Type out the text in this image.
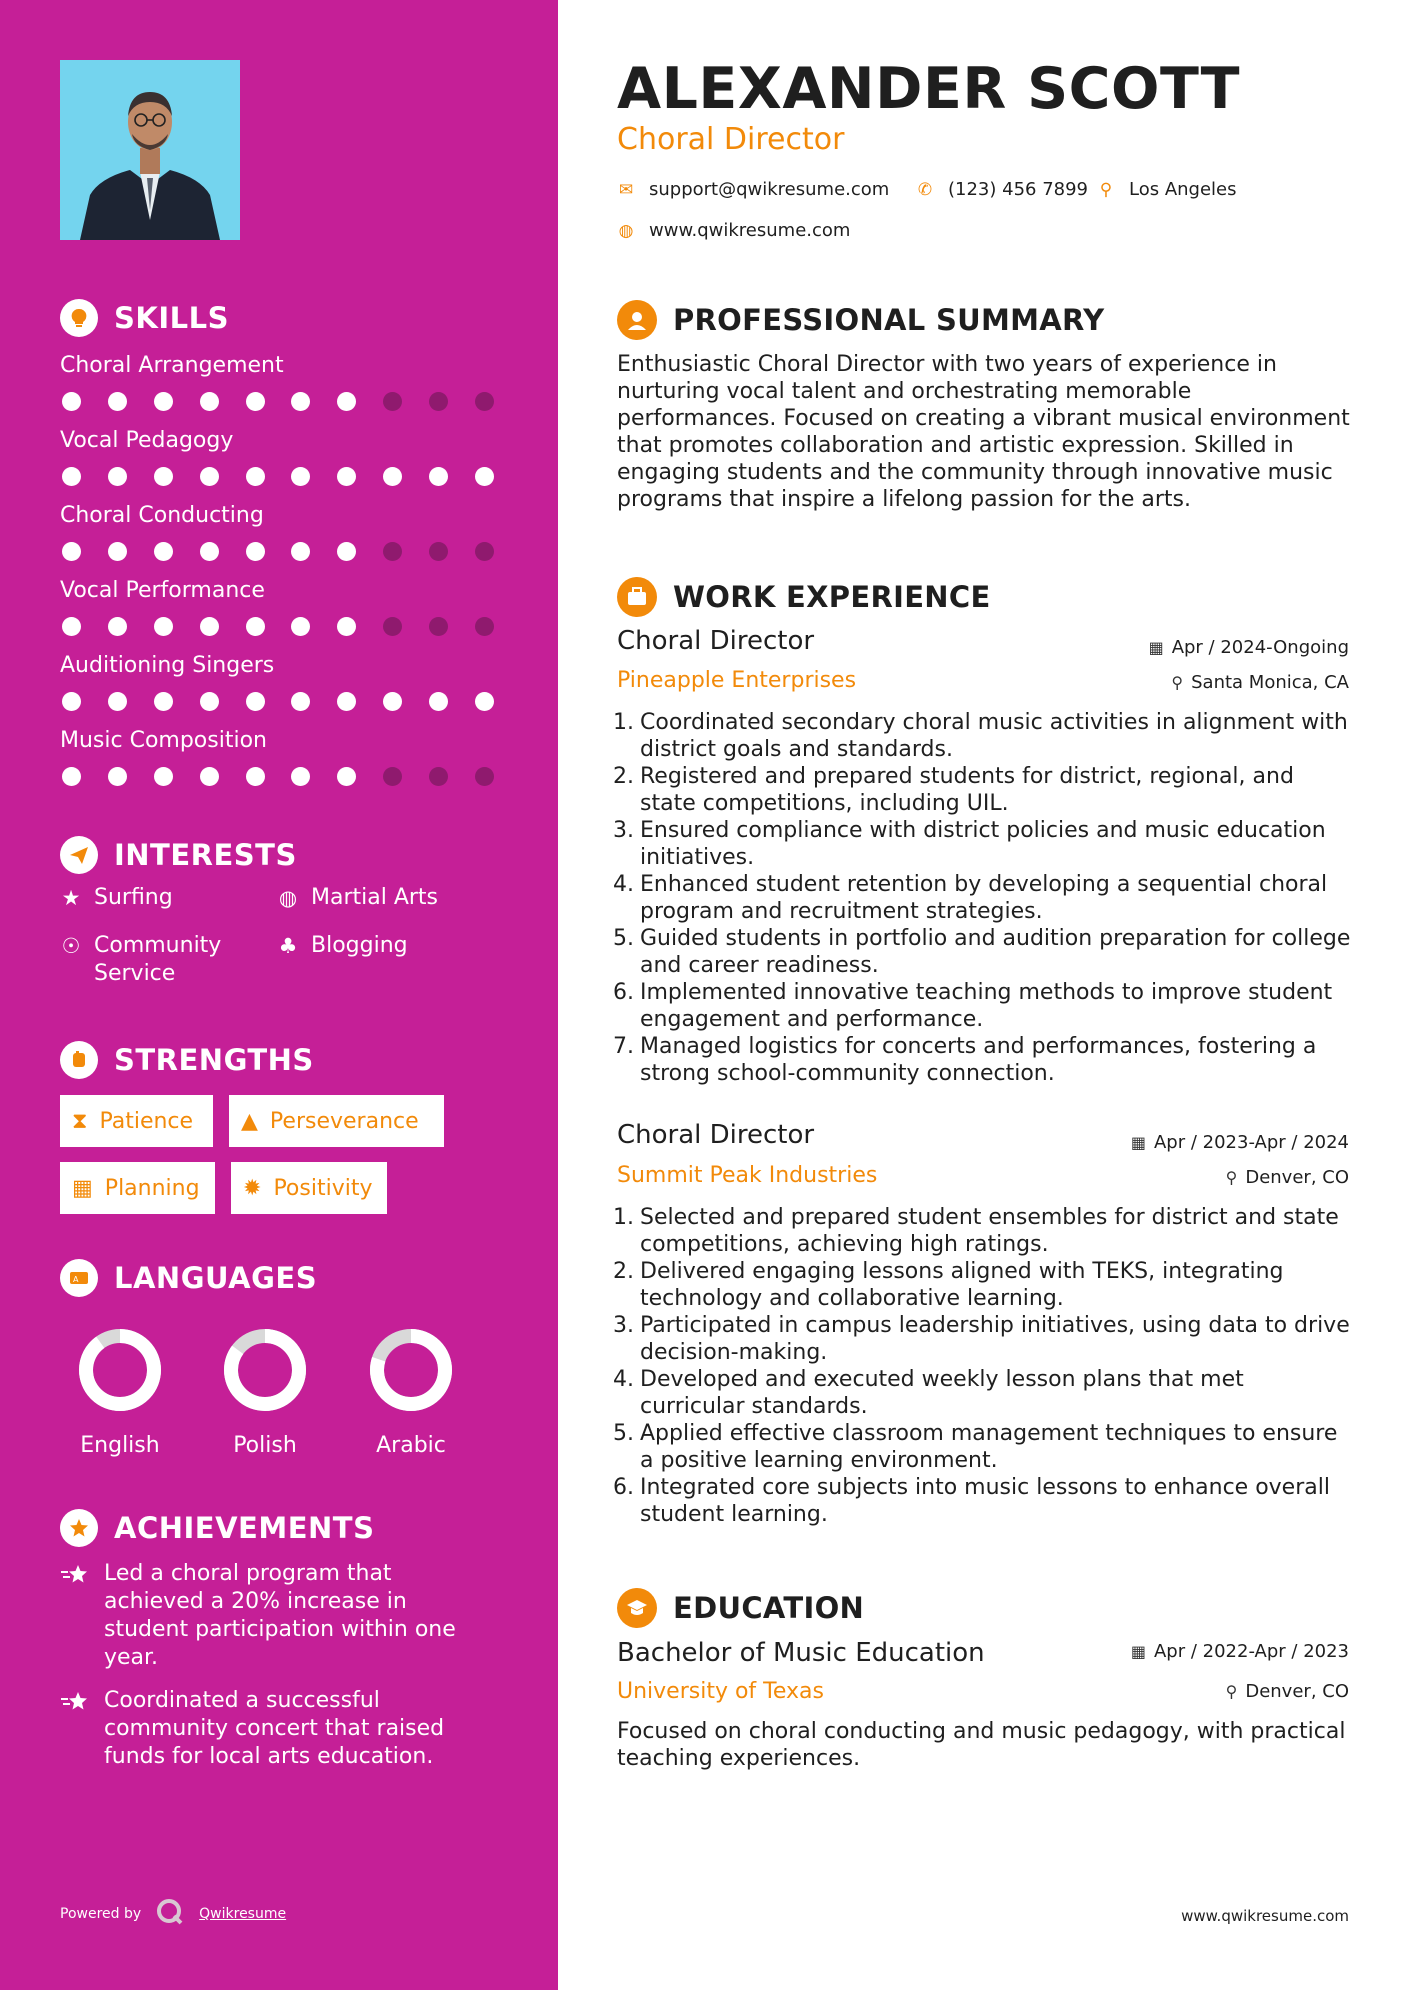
SKILLS
Choral Arrangement
Vocal Pedagogy
Choral Conducting
Vocal Performance
Auditioning Singers
Music Composition
INTERESTS
★ Surfing	◍ Martial Arts
☉ Community Service
♣ Blogging
STRENGTHS
⧗ Patience ▲ Perseverance
▦ Planning ✹ Positivity
A LANGUAGES
English	Polish	Arabic
ACHIEVEMENTS
Led a choral program that achieved a 20% increase in student participation within one year.
Coordinated a successful community concert that raised funds for local arts education.
Powered by	Qwikresume
ALEXANDER SCOTT
Choral Director
✉ support@qwikresume.com ✆ (123) 456 7899 ⚲ Los Angeles
◍ www.qwikresume.com
PROFESSIONAL SUMMARY
Enthusiastic Choral Director with two years of experience in nurturing vocal talent and orchestrating memorable performances. Focused on creating a vibrant musical environment that promotes collaboration and artistic expression. Skilled in engaging students and the community through innovative music programs that inspire a lifelong passion for the arts.
WORK EXPERIENCE
Choral Director	▦ Apr / 2024-Ongoing
Pineapple Enterprises	⚲ Santa Monica, CA
1. Coordinated secondary choral music activities in alignment with district goals and standards.
2. Registered and prepared students for district, regional, and state competitions, including UIL.
3. Ensured compliance with district policies and music education initiatives.
4. Enhanced student retention by developing a sequential choral program and recruitment strategies.
5. Guided students in portfolio and audition preparation for college and career readiness.
6. Implemented innovative teaching methods to improve student engagement and performance.
7. Managed logistics for concerts and performances, fostering a strong school-community connection.
Choral Director	▦ Apr / 2023-Apr / 2024
Summit Peak Industries	⚲ Denver, CO
1. Selected and prepared student ensembles for district and state competitions, achieving high ratings.
2. Delivered engaging lessons aligned with TEKS, integrating technology and collaborative learning.
3. Participated in campus leadership initiatives, using data to drive decision-making.
4. Developed and executed weekly lesson plans that met curricular standards.
5. Applied effective classroom management techniques to ensure a positive learning environment.
6. Integrated core subjects into music lessons to enhance overall student learning.
EDUCATION
Bachelor of Music Education	▦ Apr / 2022-Apr / 2023
University of Texas	⚲ Denver, CO
Focused on choral conducting and music pedagogy, with practical teaching experiences.
www.qwikresume.com
